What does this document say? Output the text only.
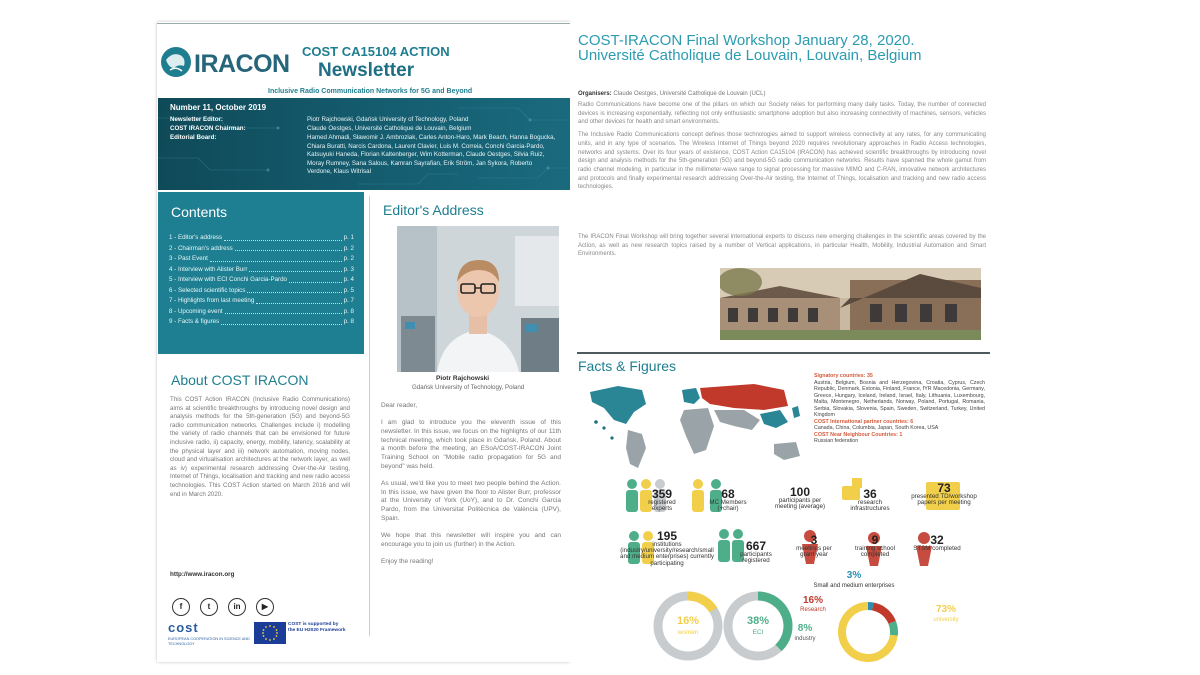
IRACON COST CA15104 ACTION
Newsletter
Inclusive Radio Communication Networks for 5G and Beyond
Number 11, October 2019
Newsletter Editor:	Piotr Rajchowski, Gdańsk University of Technology, Poland
COST IRACON Chairman:	Claude Oestges, Université Catholique de Louvain, Belgium
Editorial Board:	Hamed Ahmadi, Sławomir J. Ambroziak, Carles Anton-Haro, Mark Beach, Hanna Bogucka, Chiara Buratti, Narcis Cardona, Laurent Clavier, Luis M. Correia, Conchi Garcia-Pardo, Katsuyuki Haneda, Florian Kaltenberger, Wim Kotterman, Claude Oestges, Silvia Ruiz, Moray Rumney, Sana Salous, Kamran Sayrafian, Erik Ström, Jan Sykora, Roberto Verdone, Klaus Witrisal
Contents
1 - Editor's address	p. 1
2 - Chairman's address	p. 2
3 - Past Event	p. 2
4 - Interview with Alister Burr	p. 3
5 - Interview with ECI Conchi Garcia-Pardo	p. 4
6 - Selected scientific topics	p. 5
7 - Highlights from last meeting	p. 7
8 - Upcoming event	p. 8
9 - Facts & figures	p. 8
About COST IRACON
This COST Action IRACON (Inclusive Radio Communications) aims at scientific breakthroughs by introducing novel design and analysis methods for the 5th-generation (5G) and beyond-5G radio communication networks. Challenges include i) modelling the variety of radio channels that can be envisioned for future inclusive radio, ii) capacity, energy, mobility, latency, scalability at the physical layer and iii) network automation, moving nodes, cloud and virtualisation architectures at the network layer, as well as iv) experimental research addressing Over-the-Air testing, Internet of Things, localisation and tracking and new radio access technologies. This COST Action started on March 2016 and will end in March 2020.
http://www.iracon.org
f	t	in	▶
cost
EUROPEAN COOPERATION IN SCIENCE AND TECHNOLOGY
COST is supported by the EU H2020 Framework
Editor's Address
Piotr Rajchowski
Gdańsk University of Technology, Poland

Dear reader,

I am glad to introduce you the eleventh issue of this newsletter. In this issue, we focus on the highlights of our 11th technical meeting, which took place in Gdańsk, Poland. About a month before the meeting, an ESoA/COST-IRACON Joint Training School on "Mobile radio propagation for 5G and beyond" was held.

As usual, we'd like you to meet two people behind the Action. In this issue, we have given the floor to Alister Burr, professor at the University of York (UoY), and to Dr. Conchi Garcia Pardo, from the Universitat Politècnica de València (UPV), Spain.

We hope that this newsletter will inspire you and can encourage you to join us (further) in the Action.

Enjoy the reading!

COST-IRACON Final Workshop January 28, 2020. Université Catholique de Louvain, Louvain, Belgium
Organisers: Claude Oestges, Université Catholique de Louvain (UCL)

Radio Communications have become one of the pillars on which our Society relies for performing many daily tasks. Today, the number of connected devices is increasing exponentially, reflecting not only enthusiastic smartphone adoption but also increasing connectivity of machines, sensors, vehicles and other devices for health and smart environments.

The Inclusive Radio Communications concept defines those technologies aimed to support wireless connectivity at any rates, for any communicating units, and in any type of scenarios. The Wireless Internet of Things beyond 2020 requires revolutionary approaches in Radio Access technologies, networks and systems. Over its four years of existence, COST Action CA15104 (IRACON) has achieved scientific breakthroughs by introducing novel design and analysis methods for the 5th-generation (5G) and beyond-5G radio communication networks. Results have spanned the whole gamut from radio channel modeling, in particular in the millimeter-wave range to signal processing for massive MIMO and C-RAN, innovative network architectures and protocols and finally experimental research addressing Over-the-Air testing, the Internet of Things, localisation and tracking and new radio access technologies.

The IRACON Final Workshop will bring together several international experts to discuss new emerging challenges in the scientific areas covered by the Action, as well as new research topics raised by a number of Vertical applications, in particular Health, Mobility, Industrial Automation and Smart Environments.
Facts & Figures
Signatory countries: 35
Austria, Belgium, Bosnia and Herzegovina, Croatia, Cyprus, Czech Republic, Denmark, Estonia, Finland, France, fYR Macedonia, Germany, Greece, Hungary, Iceland, Ireland, Israel, Italy, Lithuania, Luxembourg, Malta, Montenegro, Netherlands, Norway, Poland, Portugal, Romania, Serbia, Slovakia, Slovenia, Spain, Sweden, Switzerland, Turkey, United Kingdom
COST International partner countries: 6
Canada, China, Columbia, Japan, South Korea, USA
COST Near Neighbour Countries: 1
Russian federation
359
registered experts
68
MC Members (+chair)
100
participants per meeting (average)
36
research infrastructures
73
presented TD/workshop papers per meeting
195
institutions (industry/university/research/small and medium enterprises) currently participating
667
participants registered
3
meetings per grant year
9
training school completed
32
STSM completed
16%
women
38%
ECI
3%
Small and medium enterprises
16%
Research
8%
industry
73%
university
